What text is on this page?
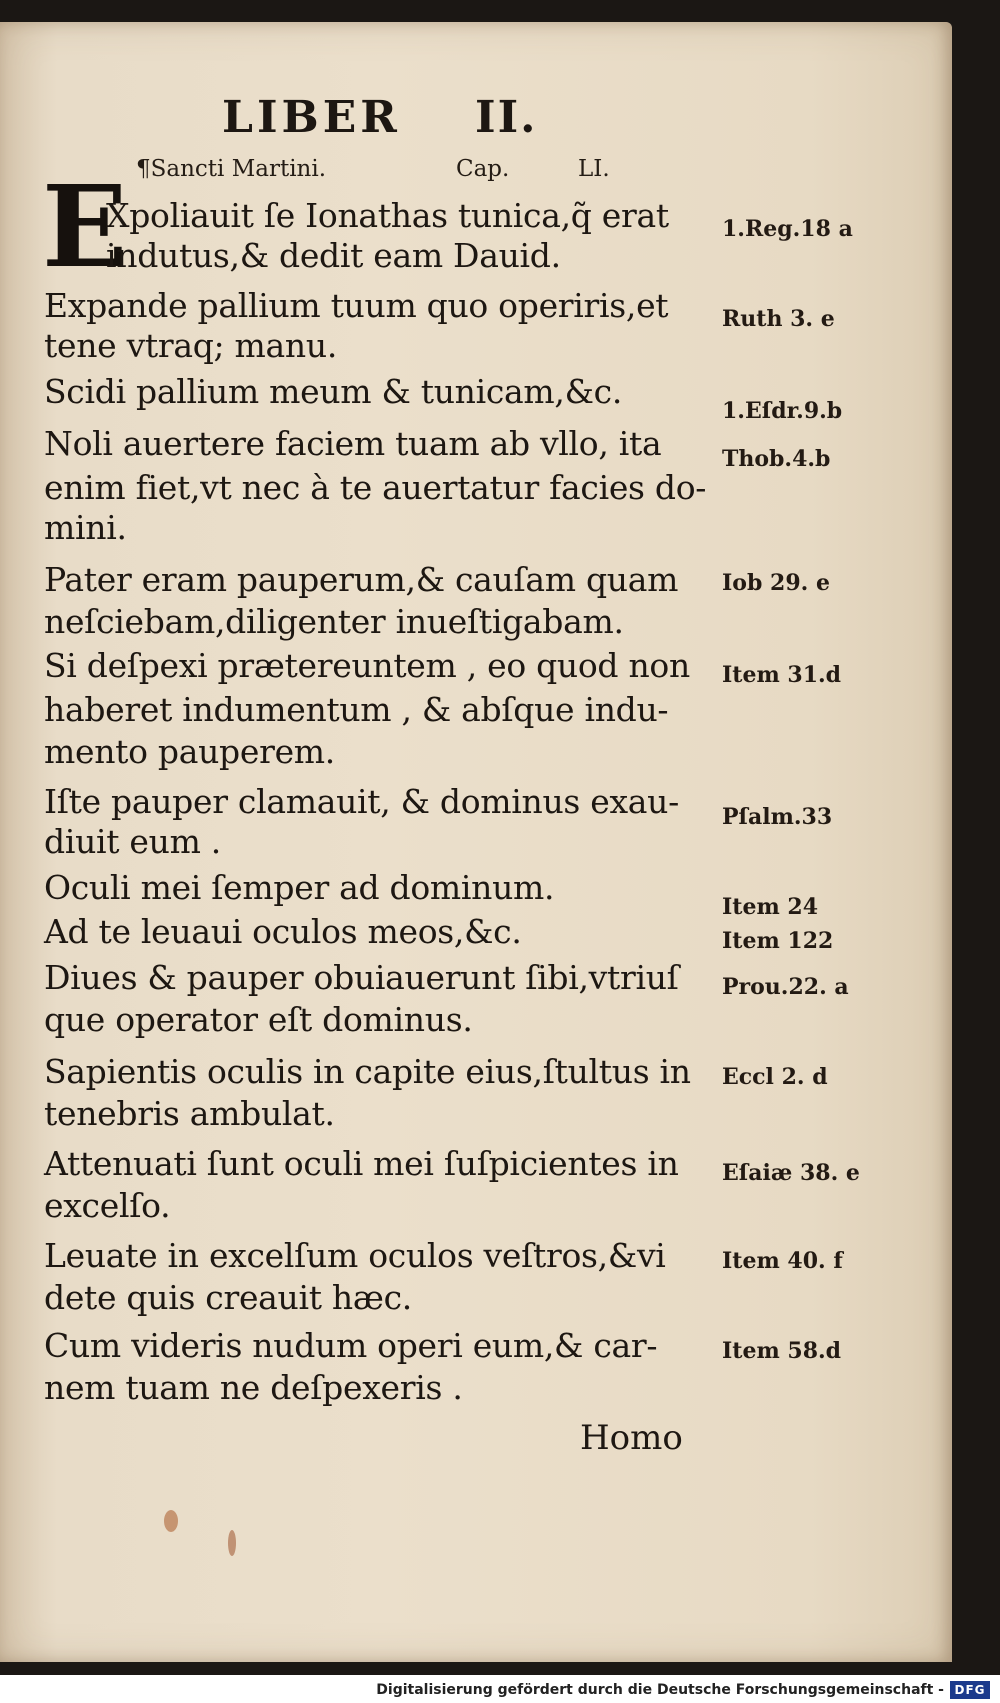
LIBER II.
¶Sancti Martini.	Cap.	LI.
E
Xpoliauit ſe Ionathas tunica,q̃ erat
indutus,& dedit eam Dauid.
Expande pallium tuum quo operiris,et
tene vtraq; manu.
Scidi pallium meum & tunicam,&c.
Noli auertere faciem tuam ab vllo, ita
enim fiet,vt nec à te auertatur facies do-
mini.
Pater eram pauperum,& cauſam quam
neſciebam,diligenter inueſtigabam.
Si deſpexi prætereuntem , eo quod non
haberet indumentum , & abſque indu-
mento pauperem.
Iſte pauper clamauit, & dominus exau-
diuit eum .
Oculi mei ſemper ad dominum.
Ad te leuaui oculos meos,&c.
Diues & pauper obuiauerunt ſibi,vtriuſ
que operator eſt dominus.
Sapientis oculis in capite eius,ſtultus in
tenebris ambulat.
Attenuati ſunt oculi mei ſuſpicientes in
excelſo.
Leuate in excelſum oculos veſtros,&vi
dete quis creauit hæc.
Cum videris nudum operi eum,& car-
nem tuam ne deſpexeris .
1.Reg.18 a
Ruth 3. e
1.Eſdr.9.b
Thob.4.b
Iob 29. e
Item 31.d
Pſalm.33
Item 24
Item 122
Prou.22. a
Eccl 2. d
Eſaiæ 38. e
Item 40. f
Item 58.d
Homo
Digitalisierung gefördert durch die Deutsche Forschungsgemeinschaft - DFG
